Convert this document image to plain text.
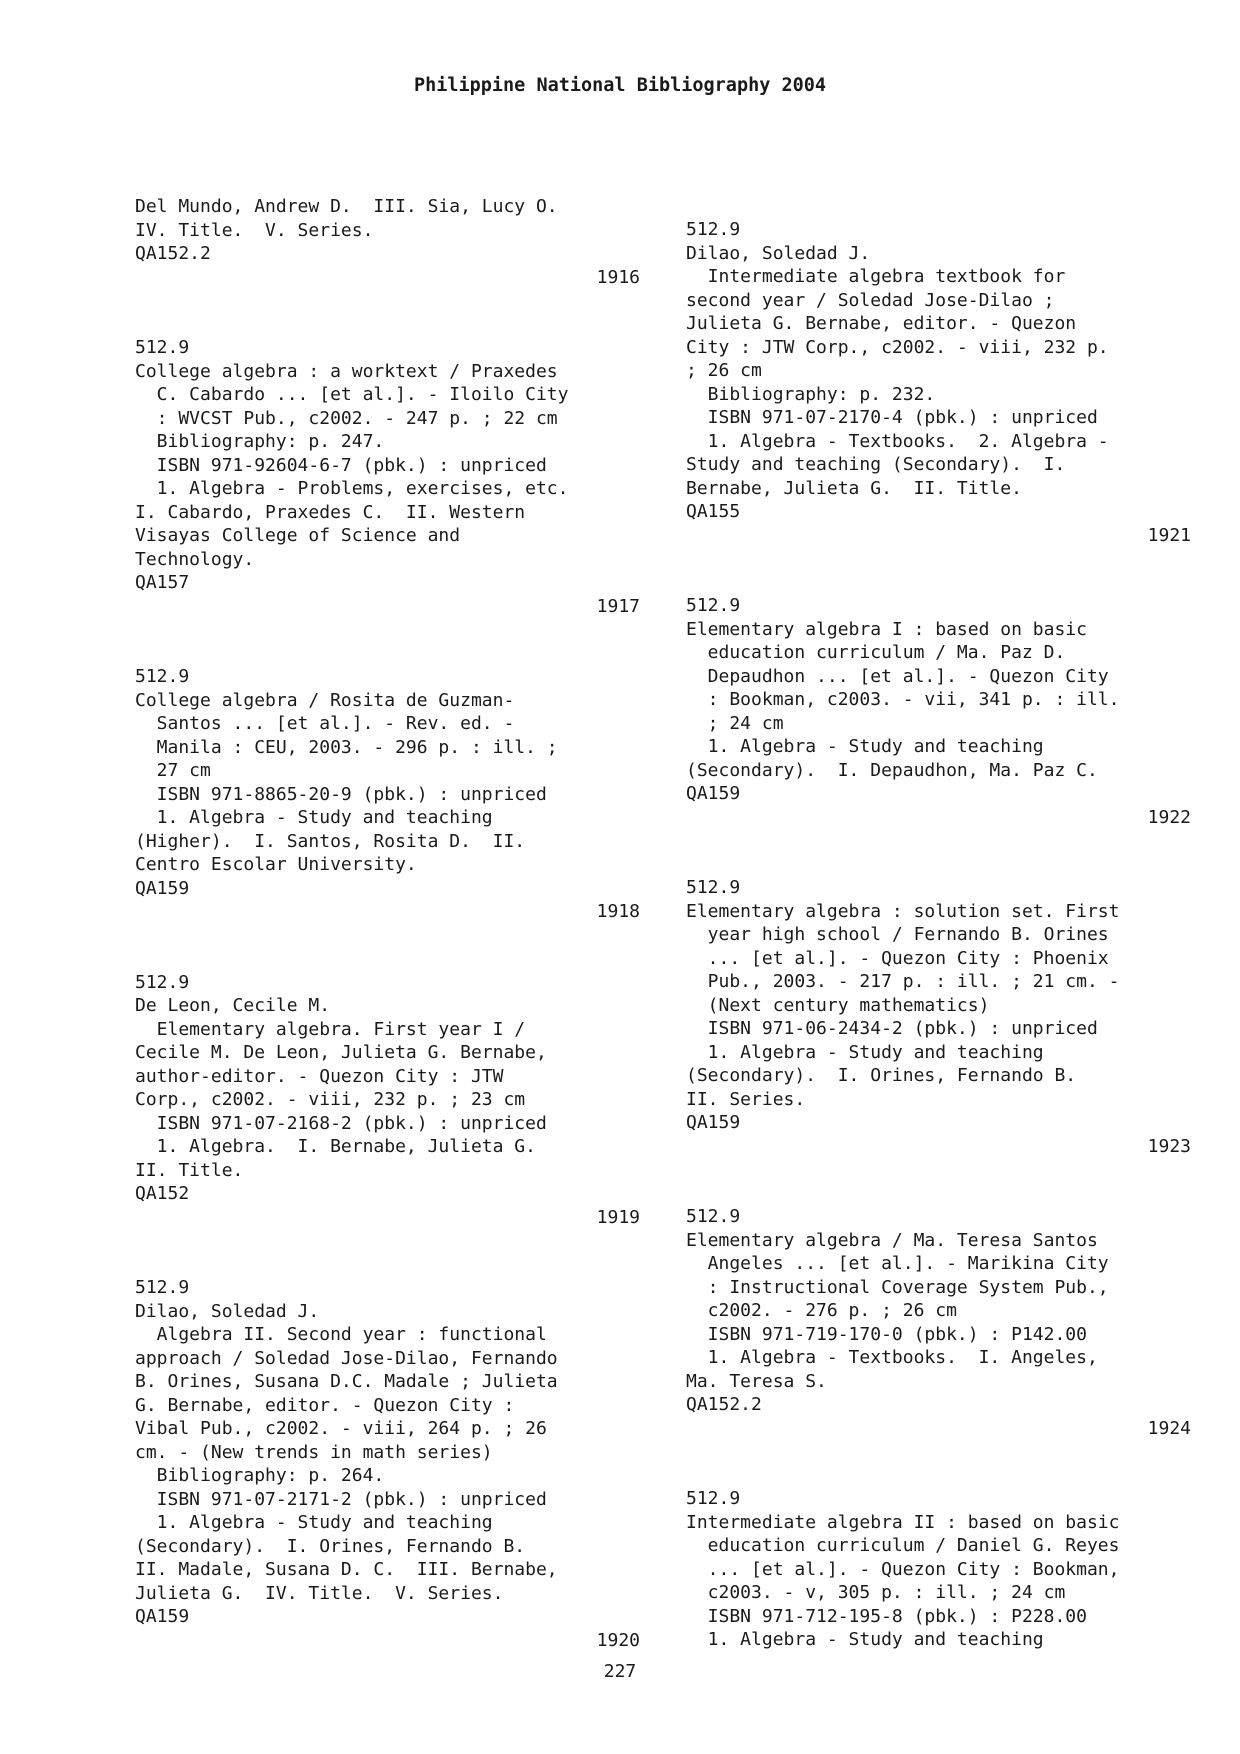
Philippine National Bibliography 2004
Del Mundo, Andrew D.  III. Sia, Lucy O.
IV. Title.  V. Series.
QA152.2
1916
512.9
College algebra : a worktext / Praxedes
C. Cabardo ... [et al.]. - Iloilo City
: WVCST Pub., c2002. - 247 p. ; 22 cm
Bibliography: p. 247.
ISBN 971-92604-6-7 (pbk.) : unpriced
1. Algebra - Problems, exercises, etc.
I. Cabardo, Praxedes C.  II. Western
Visayas College of Science and
Technology.
QA157
1917
512.9
College algebra / Rosita de Guzman-
Santos ... [et al.]. - Rev. ed. -
Manila : CEU, 2003. - 296 p. : ill. ;
27 cm
ISBN 971-8865-20-9 (pbk.) : unpriced
1. Algebra - Study and teaching
(Higher).  I. Santos, Rosita D.  II.
Centro Escolar University.
QA159
1918
512.9
De Leon, Cecile M.
Elementary algebra. First year I /
Cecile M. De Leon, Julieta G. Bernabe,
author-editor. - Quezon City : JTW
Corp., c2002. - viii, 232 p. ; 23 cm
ISBN 971-07-2168-2 (pbk.) : unpriced
1. Algebra.  I. Bernabe, Julieta G.
II. Title.
QA152
1919
512.9
Dilao, Soledad J.
Algebra II. Second year : functional
approach / Soledad Jose-Dilao, Fernando
B. Orines, Susana D.C. Madale ; Julieta
G. Bernabe, editor. - Quezon City :
Vibal Pub., c2002. - viii, 264 p. ; 26
cm. - (New trends in math series)
Bibliography: p. 264.
ISBN 971-07-2171-2 (pbk.) : unpriced
1. Algebra - Study and teaching
(Secondary).  I. Orines, Fernando B.
II. Madale, Susana D. C.  III. Bernabe,
Julieta G.  IV. Title.  V. Series.
QA159
1920
512.9
Dilao, Soledad J.
Intermediate algebra textbook for
second year / Soledad Jose-Dilao ;
Julieta G. Bernabe, editor. - Quezon
City : JTW Corp., c2002. - viii, 232 p.
; 26 cm
Bibliography: p. 232.
ISBN 971-07-2170-4 (pbk.) : unpriced
1. Algebra - Textbooks.  2. Algebra -
Study and teaching (Secondary).  I.
Bernabe, Julieta G.  II. Title.
QA155
1921
512.9
Elementary algebra I : based on basic
education curriculum / Ma. Paz D.
Depaudhon ... [et al.]. - Quezon City
: Bookman, c2003. - vii, 341 p. : ill.
; 24 cm
1. Algebra - Study and teaching
(Secondary).  I. Depaudhon, Ma. Paz C.
QA159
1922
512.9
Elementary algebra : solution set. First
year high school / Fernando B. Orines
... [et al.]. - Quezon City : Phoenix
Pub., 2003. - 217 p. : ill. ; 21 cm. -
(Next century mathematics)
ISBN 971-06-2434-2 (pbk.) : unpriced
1. Algebra - Study and teaching
(Secondary).  I. Orines, Fernando B.
II. Series.
QA159
1923
512.9
Elementary algebra / Ma. Teresa Santos
Angeles ... [et al.]. - Marikina City
: Instructional Coverage System Pub.,
c2002. - 276 p. ; 26 cm
ISBN 971-719-170-0 (pbk.) : P142.00
1. Algebra - Textbooks.  I. Angeles,
Ma. Teresa S.
QA152.2
1924
512.9
Intermediate algebra II : based on basic
education curriculum / Daniel G. Reyes
... [et al.]. - Quezon City : Bookman,
c2003. - v, 305 p. : ill. ; 24 cm
ISBN 971-712-195-8 (pbk.) : P228.00
1. Algebra - Study and teaching
227
